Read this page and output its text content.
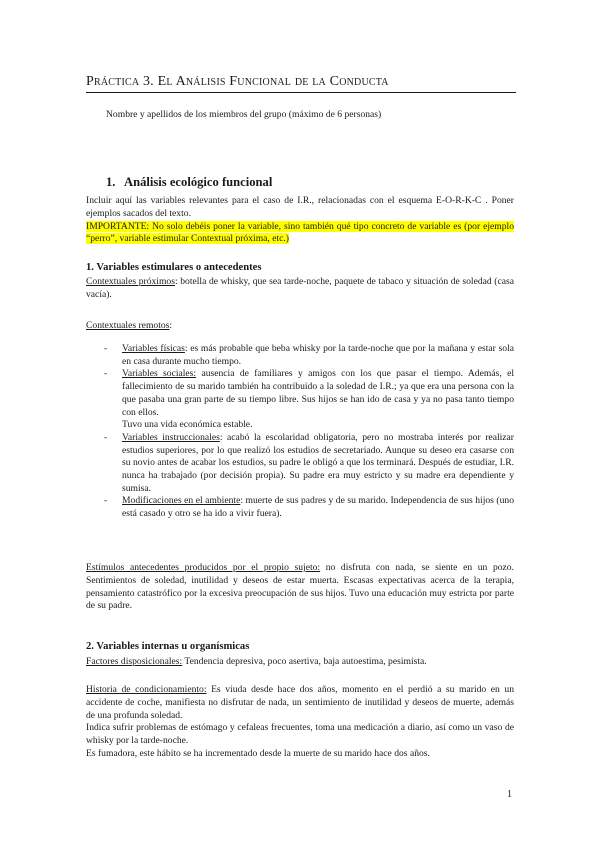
Práctica 3. El Análisis Funcional de la Conducta
Nombre y apellidos de los miembros del grupo (máximo de 6 personas)
1. Análisis ecológico funcional
Incluir aquí las variables relevantes para el caso de I.R., relacionadas con el esquema E-O-R-K-C . Poner ejemplos sacados del texto.
IMPORTANTE: No solo debéis poner la variable, sino también qué tipo concreto de variable es (por ejemplo “perro”, variable estimular Contextual próxima, etc.)
1. Variables estimulares o antecedentes
Contextuales próximos: botella de whisky, que sea tarde-noche, paquete de tabaco y situación de soledad (casa vacía).
Contextuales remotos:
- Variables físicas: es más probable que beba whisky por la tarde-noche que por la mañana y estar sola en casa durante mucho tiempo.
- Variables sociales: ausencia de familiares y amigos con los que pasar el tiempo. Además, el fallecimiento de su marido también ha contribuido a la soledad de I.R.; ya que era una persona con la que pasaba una gran parte de su tiempo libre. Sus hijos se han ido de casa y ya no pasa tanto tiempo con ellos.
Tuvo una vida económica estable.
- Variables instruccionales: acabó la escolaridad obligatoria, pero no mostraba interés por realizar estudios superiores, por lo que realizó los estudios de secretariado. Aunque su deseo era casarse con su novio antes de acabar los estudios, su padre le obligó a que los terminará. Después de estudiar, I.R. nunca ha trabajado (por decisión propia). Su padre era muy estricto y su madre era dependiente y sumisa.
- Modificaciones en el ambiente: muerte de sus padres y de su marido. Independencia de sus hijos (uno está casado y otro se ha ido a vivir fuera).
Estímulos antecedentes producidos por el propio sujeto: no disfruta con nada, se siente en un pozo. Sentimientos de soledad, inutilidad y deseos de estar muerta. Escasas expectativas acerca de la terapia, pensamiento catastrófico por la excesiva preocupación de sus hijos. Tuvo una educación muy estricta por parte de su padre.
2. Variables internas u organísmicas
Factores disposicionales: Tendencia depresiva, poco asertiva, baja autoestima, pesimista.
Historia de condicionamiento: Es viuda desde hace dos años, momento en el perdió a su marido en un accidente de coche, manifiesta no disfrutar de nada, un sentimiento de inutilidad y deseos de muerte, además de una profunda soledad.
Indica sufrir problemas de estómago y cefaleas frecuentes, toma una medicación a diario, así como un vaso de whisky por la tarde-noche.
Es fumadora, este hábito se ha incrementado desde la muerte de su marido hace dos años.
1
